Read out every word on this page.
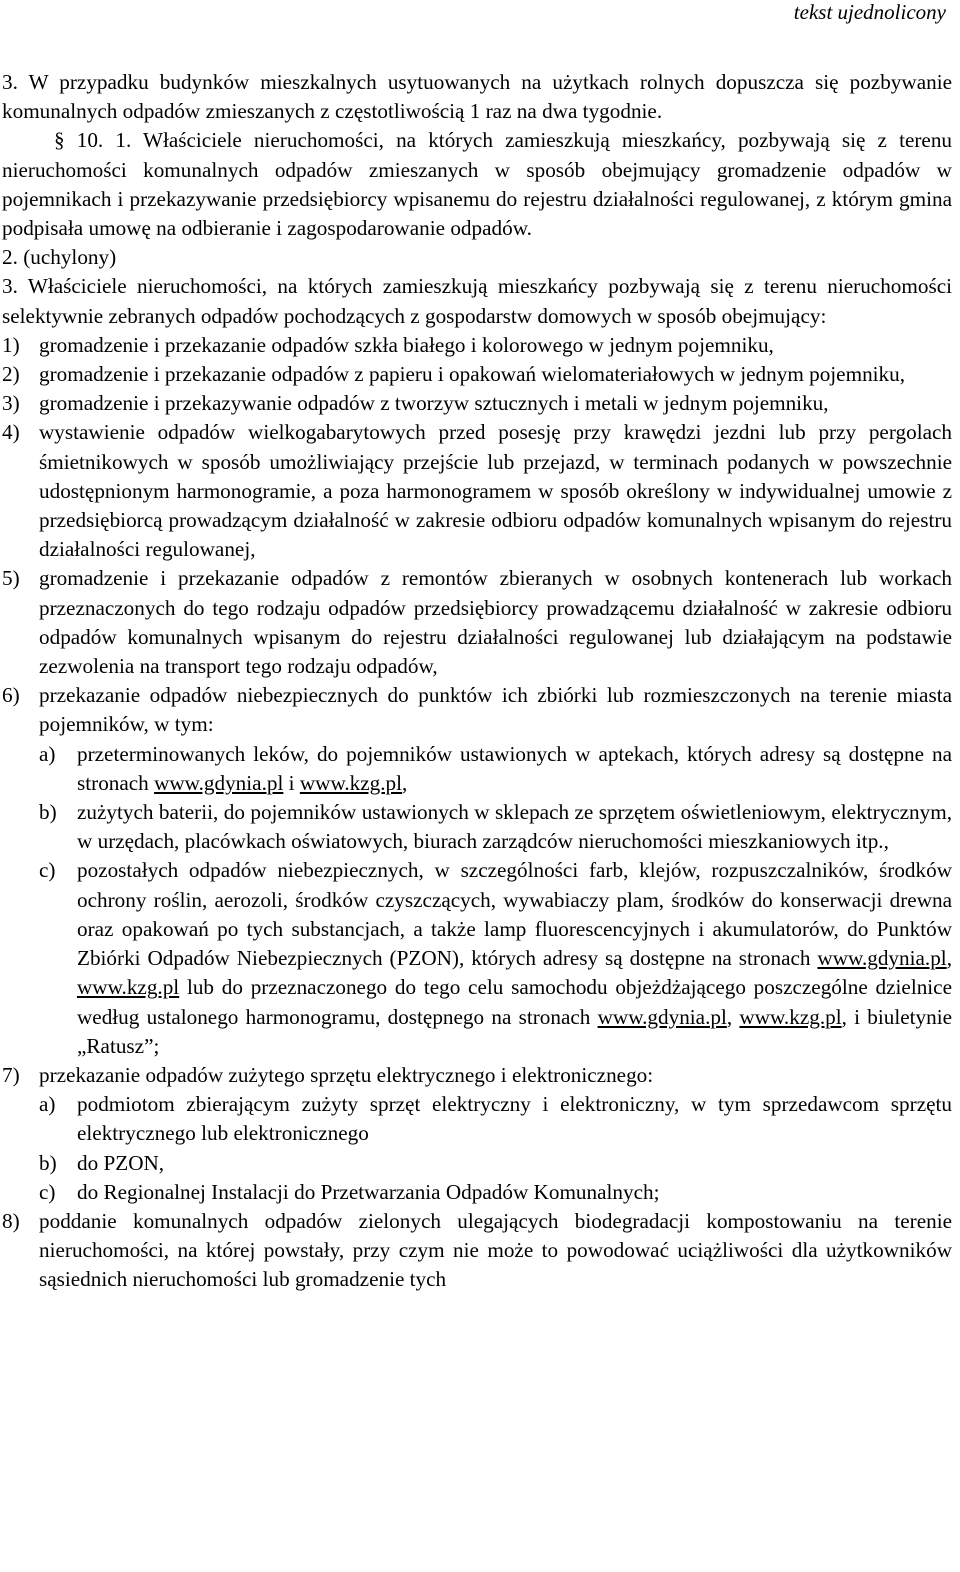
tekst ujednolicony

3. W przypadku budynków mieszkalnych usytuowanych na użytkach rolnych dopuszcza się pozbywanie komunalnych odpadów zmieszanych z częstotliwością 1 raz na dwa tygodnie.

§ 10. 1. Właściciele nieruchomości, na których zamieszkują mieszkańcy, pozbywają się z terenu nieruchomości komunalnych odpadów zmieszanych w sposób obejmujący gromadzenie odpadów w pojemnikach i przekazywanie przedsiębiorcy wpisanemu do rejestru działalności regulowanej, z którym gmina podpisała umowę na odbieranie i zagospodarowanie odpadów.

2. (uchylony)

3. Właściciele nieruchomości, na których zamieszkują mieszkańcy pozbywają się z terenu nieruchomości selektywnie zebranych odpadów pochodzących z gospodarstw domowych w sposób obejmujący:

1) gromadzenie i przekazanie odpadów szkła białego i kolorowego w jednym pojemniku,
2) gromadzenie i przekazanie odpadów z papieru i opakowań wielomateriałowych w jednym pojemniku,
3) gromadzenie i przekazywanie odpadów z tworzyw sztucznych i metali w jednym pojemniku,
4) wystawienie odpadów wielkogabarytowych przed posesję przy krawędzi jezdni lub przy pergolach śmietnikowych w sposób umożliwiający przejście lub przejazd, w terminach podanych w powszechnie udostępnionym harmonogramie, a poza harmonogramem w sposób określony w indywidualnej umowie z przedsiębiorcą prowadzącym działalność w zakresie odbioru odpadów komunalnych wpisanym do rejestru działalności regulowanej,
5) gromadzenie i przekazanie odpadów z remontów zbieranych w osobnych kontenerach lub workach przeznaczonych do tego rodzaju odpadów przedsiębiorcy prowadzącemu działalność w zakresie odbioru odpadów komunalnych wpisanym do rejestru działalności regulowanej lub działającym na podstawie zezwolenia na transport tego rodzaju odpadów,
6) przekazanie odpadów niebezpiecznych do punktów ich zbiórki lub rozmieszczonych na terenie miasta pojemników, w tym:
a)	przeterminowanych leków, do pojemników ustawionych w aptekach, których adresy są dostępne na stronach www.gdynia.pl i www.kzg.pl,
b) zużytych baterii, do pojemników ustawionych w sklepach ze sprzętem oświetleniowym, elektrycznym, w urzędach, placówkach oświatowych, biurach zarządców nieruchomości mieszkaniowych itp.,
c)	pozostałych odpadów niebezpiecznych, w szczególności farb, klejów, rozpuszczalników, środków ochrony roślin, aerozoli, środków czyszczących, wywabiaczy plam, środków do konserwacji drewna oraz opakowań po tych substancjach, a także lamp fluorescencyjnych i akumulatorów, do Punktów Zbiórki Odpadów Niebezpiecznych (PZON), których adresy są dostępne na stronach www.gdynia.pl, www.kzg.pl lub do przeznaczonego do tego celu samochodu objeżdżającego poszczególne dzielnice według ustalonego harmonogramu, dostępnego na stronach www.gdynia.pl, www.kzg.pl, i biuletynie „Ratusz”;
7) przekazanie odpadów zużytego sprzętu elektrycznego i elektronicznego:
a)	podmiotom zbierającym zużyty sprzęt elektryczny i elektroniczny, w tym sprzedawcom sprzętu elektrycznego lub elektronicznego
b) do PZON,
c)	do Regionalnej Instalacji do Przetwarzania Odpadów Komunalnych;
8) poddanie komunalnych odpadów zielonych ulegających biodegradacji kompostowaniu na terenie nieruchomości, na której powstały, przy czym nie może to powodować uciążliwości dla użytkowników sąsiednich nieruchomości lub gromadzenie tych
